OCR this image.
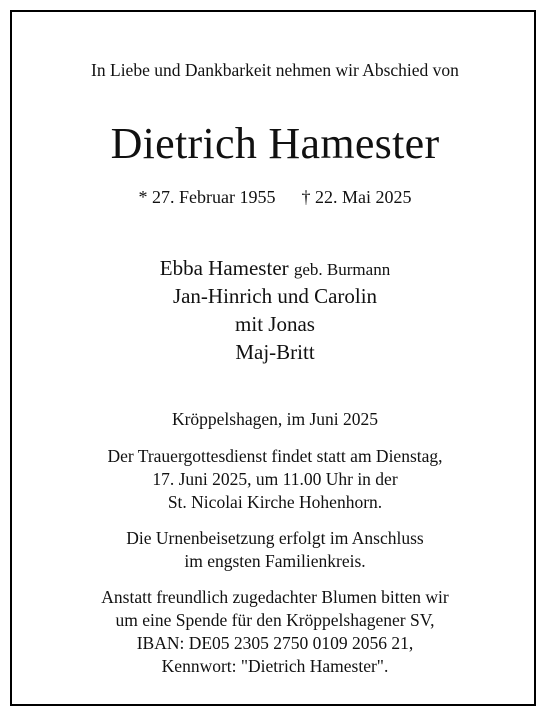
In Liebe und Dankbarkeit nehmen wir Abschied von
Dietrich Hamester
* 27. Februar 1955 † 22. Mai 2025
Ebba Hamester geb. Burmann
Jan-Hinrich und Carolin
mit Jonas
Maj-Britt
Kröppelshagen, im Juni 2025
Der Trauergottesdienst findet statt am Dienstag,
17. Juni 2025, um 11.00 Uhr in der
St. Nicolai Kirche Hohenhorn.
Die Urnenbeisetzung erfolgt im Anschluss
im engsten Familienkreis.
Anstatt freundlich zugedachter Blumen bitten wir
um eine Spende für den Kröppelshagener SV,
IBAN: DE05 2305 2750 0109 2056 21,
Kennwort: "Dietrich Hamester".
